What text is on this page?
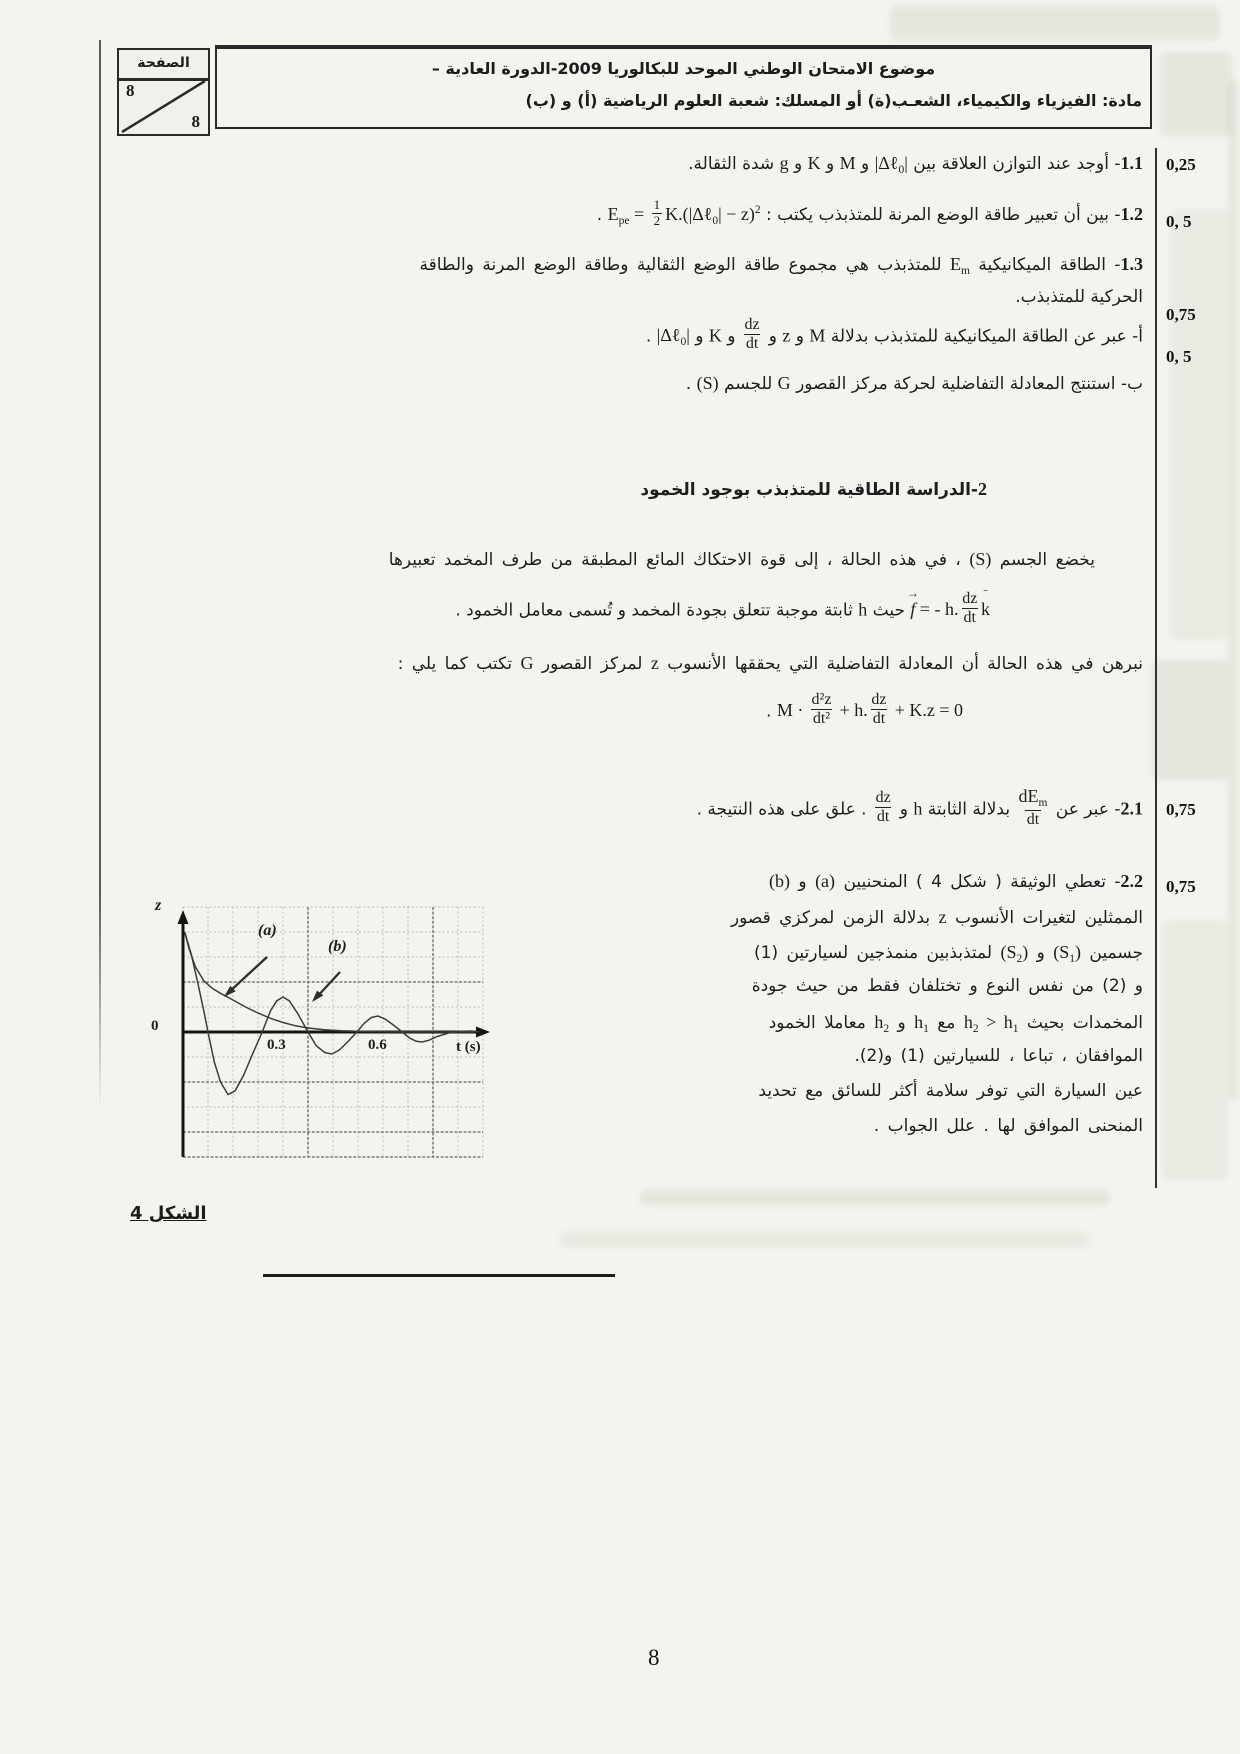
الصفحة
8
8
موضوع الامتحان الوطني الموحد للبكالوريا 2009-الدورة العادية –
مادة: الفيزياء والكيمياء، الشعـب(ة) أو المسلك: شعبة العلوم الرياضية (أ) و (ب)
0,25
0, 5
0,75
0, 5
0,75
0,75
1.1- أوجد عند التوازن العلاقة بين |Δℓ$_0$| و M و K و g شدة الثقالة.
1.2- بين أن تعبير طاقة الوضع المرنة للمتذبذب يكتب : $E_{pe} = \frac{1}{2}$ K.(|Δℓ$_0$| − z)$^2$ .
1.3- الطاقة الميكانيكية $E_m$ للمتذبذب هي مجموع طاقة الوضع الثقالية وطاقة الوضع المرنة والطاقة
الحركية للمتذبذب.
أ- عبر عن الطاقة الميكانيكية للمتذبذب بدلالة M و z و
$\frac{dz}{dt}$
و K و |Δℓ$_0$| .
ب- استنتج المعادلة التفاضلية لحركة مركز القصور G للجسم (S) .
2-الدراسة الطاقية للمتذبذب بوجود الخمود
يخضع الجسم (S) ، في هذه الحالة ، إلى قوة الاحتكاك المائع المطبقة من طرف المخمد تعبيرها
→
f = - h. $\frac{dz}{dt}$ ˉ
k حيث h ثابتة موجبة تتعلق بجودة المخمد و تُسمى معامل الخمود .
نبرهن في هذه الحالة أن المعادلة التفاضلية التي يحققها الأنسوب z لمركز القصور G تكتب كما يلي :
$M \cdot \frac{\text{d²z}}{\text{dt²}} + h$. $\frac{dz}{dt} + K.z = 0$ .
2.1- عبر عن
$\frac{dE_m}{dt}$
بدلالة الثابتة h و
$\frac{dz}{dt}$
. علق على هذه النتيجة .
2.2- تعطي الوثيقة ( شكل 4 ) المنحنيين (a) و (b)
الممثلين لتغيرات الأنسوب z بدلالة الزمن لمركزي قصور
جسمين $(S_1)$ و $(S_2)$ لمتذبذبين منمذجين لسيارتين (1)
و (2) من نفس النوع و تختلفان فقط من حيث جودة
المخمدات بحيث $h_2 > h_1$ مع $h_1$ و $h_2$ معاملا الخمود
الموافقان ، تباعا ، للسيارتين (1) و(2).
عين السيارة التي توفر سلامة أكثر للسائق مع تحديد
المنحنى الموافق لها . علل الجواب .
z
0
0.3	0.6	t (s)
(a)
(b)
الشكل 4
8
